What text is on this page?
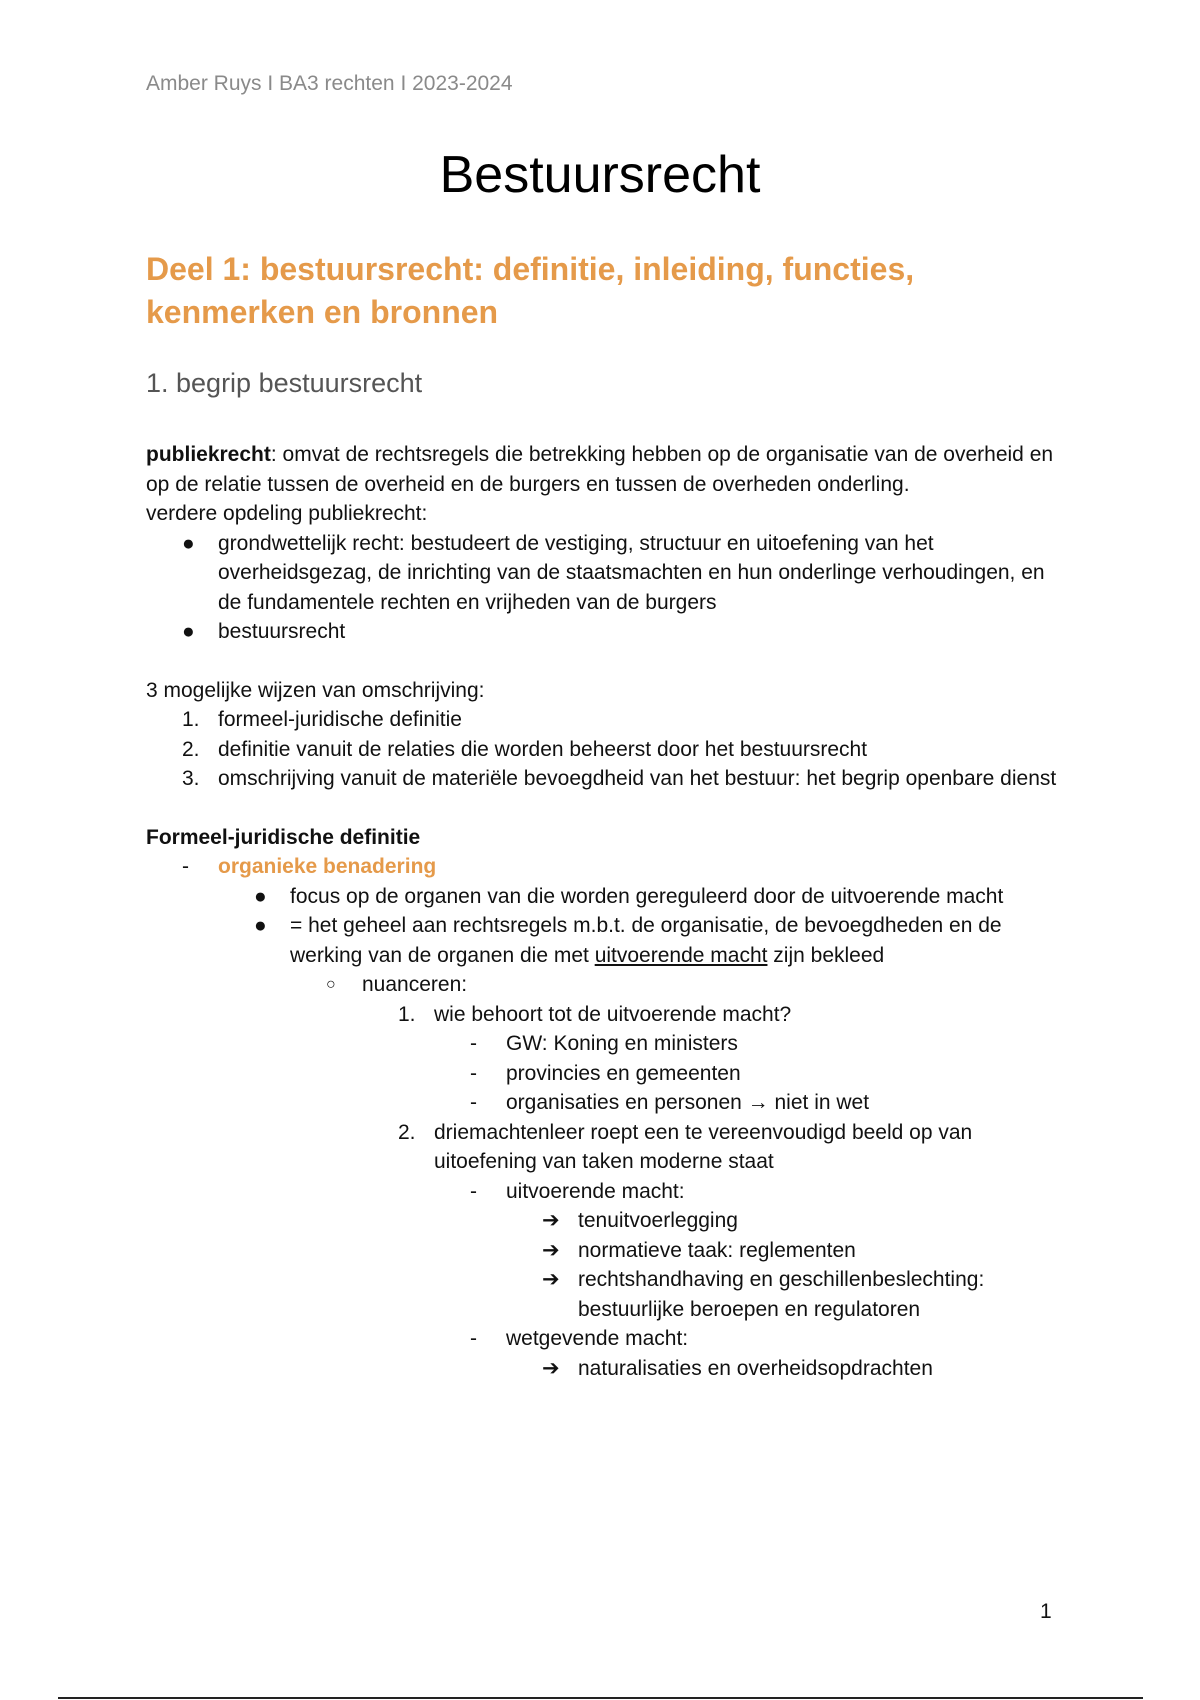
Amber Ruys I BA3 rechten I 2023-2024
Bestuursrecht
Deel 1: bestuursrecht: definitie, inleiding, functies,
kenmerken en bronnen
1. begrip bestuursrecht

publiekrecht: omvat de rechtsregels die betrekking hebben op de organisatie van de overheid en op de relatie tussen de overheid en de burgers en tussen de overheden onderling.

verdere opdeling publiekrecht:

●	grondwettelijk recht: bestudeert de vestiging, structuur en uitoefening van het overheidsgezag, de inrichting van de staatsmachten en hun onderlinge verhoudingen, en de fundamentele rechten en vrijheden van de burgers
●	bestuursrecht

3 mogelijke wijzen van omschrijving:

1. formeel-juridische definitie
2. definitie vanuit de relaties die worden beheerst door het bestuursrecht
3. omschrijving vanuit de materiële bevoegdheid van het bestuur: het begrip openbare dienst

Formeel-juridische definitie

-	organieke benadering
●	focus op de organen van die worden gereguleerd door de uitvoerende macht
●	= het geheel aan rechtsregels m.b.t. de organisatie, de bevoegdheden en de werking van de organen die met uitvoerende macht zijn bekleed
○	nuanceren:
1. wie behoort tot de uitvoerende macht?
-	GW: Koning en ministers
-	provincies en gemeenten
-	organisaties en personen → niet in wet
2. driemachtenleer roept een te vereenvoudigd beeld op van uitoefening van taken moderne staat
-	uitvoerende macht:
➔ tenuitvoerlegging
➔ normatieve taak: reglementen
➔ rechtshandhaving en geschillenbeslechting: bestuurlijke beroepen en regulatoren
-	wetgevende macht:
➔ naturalisaties en overheidsopdrachten
1
